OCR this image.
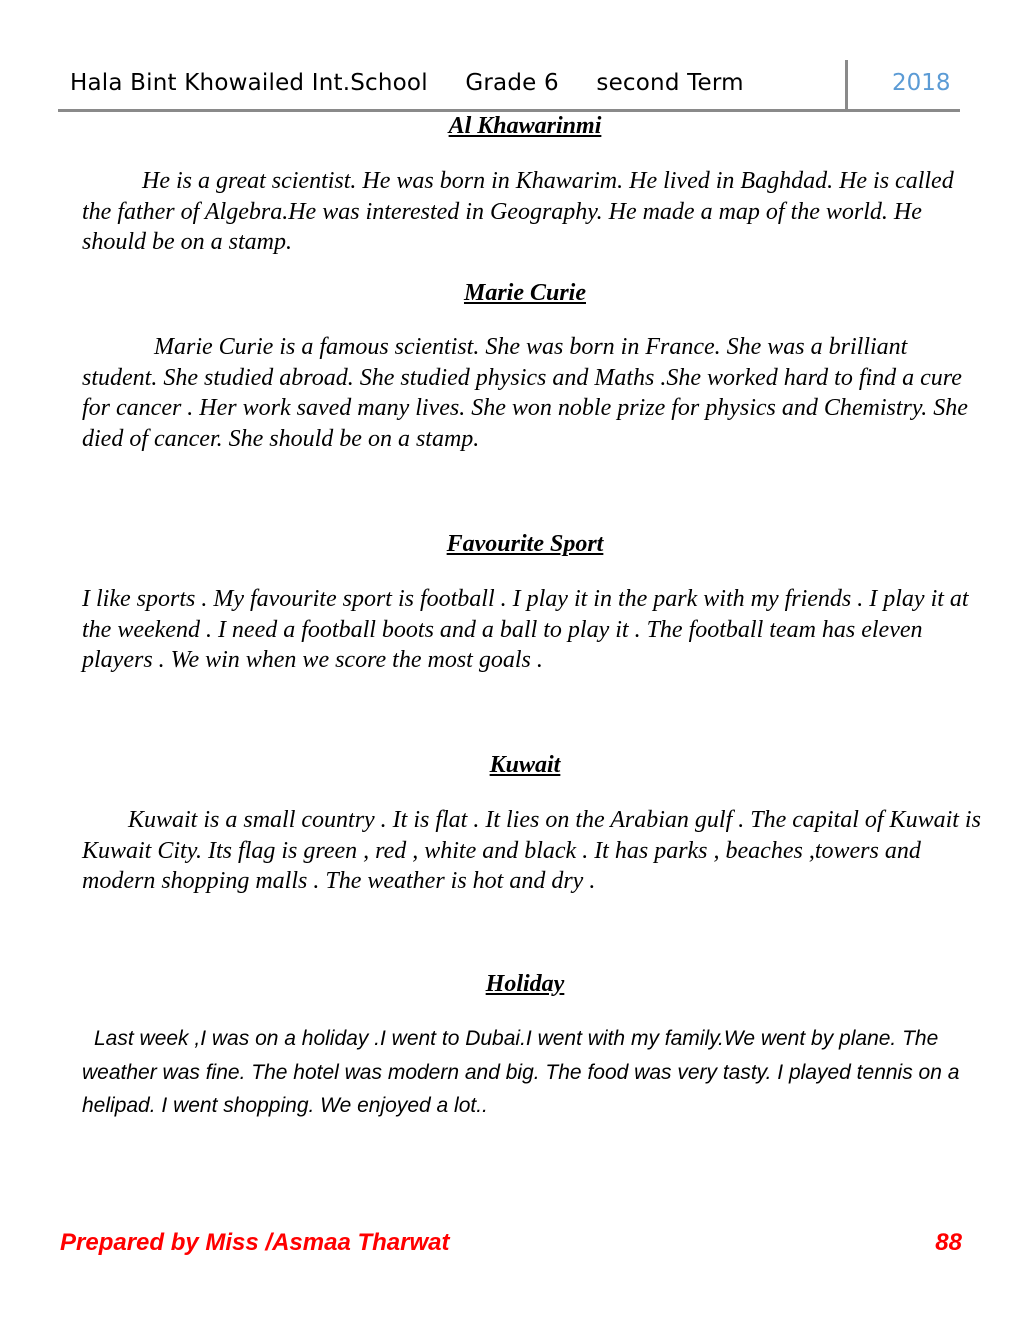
Hala Bint Khowailed Int.School Grade 6 second Term	2018
Al Khawarinmi
He is a great scientist. He was born in Khawarim. He lived in Baghdad. He is called the father of Algebra.He was interested in Geography. He made a map of the world. He should be on a stamp.
Marie Curie
Marie Curie is a famous scientist. She was born in France. She was a brilliant student. She studied abroad. She studied physics and Maths .She worked hard to find a cure for cancer . Her work saved many lives. She won noble prize for physics and Chemistry. She died of cancer. She should be on a stamp.
Favourite Sport
I like sports . My favourite sport is football . I play it in the park with my friends . I play it at the weekend . I need a football boots and a ball to play it . The football team has eleven players . We win when we score the most goals .
Kuwait
Kuwait is a small country . It is flat . It lies on the Arabian gulf . The capital of Kuwait is Kuwait City. Its flag is green , red , white and black . It has parks , beaches ,towers and modern shopping malls . The weather is hot and dry .
Holiday
Last week ,I was on a holiday .I went to Dubai.I went with my family.We went by plane. The weather was fine. The hotel was modern and big. The food was very tasty. I played tennis on a helipad. I went shopping. We enjoyed a lot..
Prepared by Miss /Asmaa Tharwat	88
